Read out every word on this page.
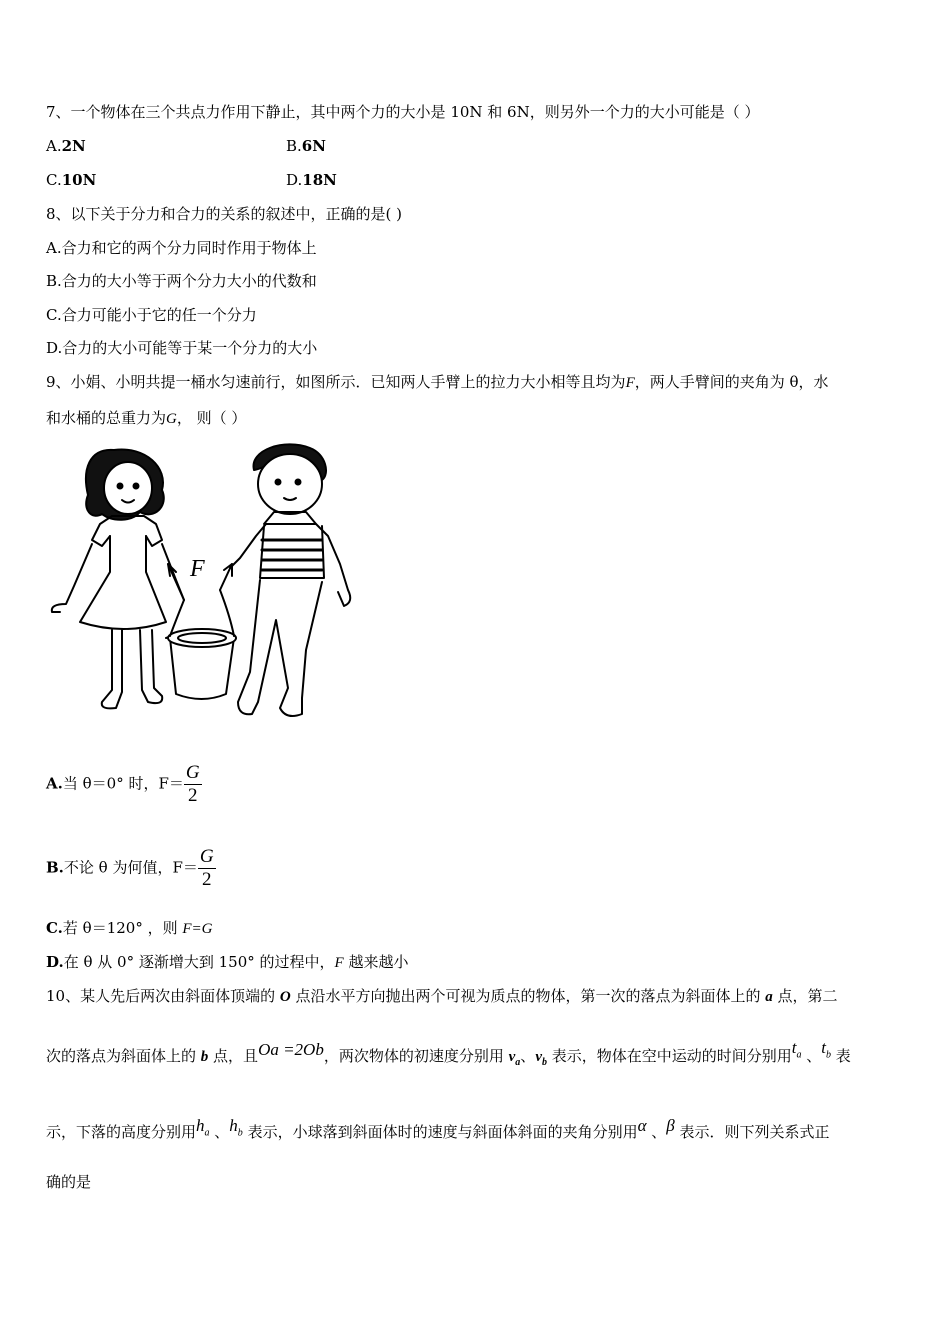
7、一个物体在三个共点力作用下静止，其中两个力的大小是 10N 和 6N，则另外一个力的大小可能是（ ）
A.2N	B.6N
C.10N	D.18N
8、以下关于分力和合力的关系的叙述中，正确的是( )
A.合力和它的两个分力同时作用于物体上
B.合力的大小等于两个分力大小的代数和
C.合力可能小于它的任一个分力
D.合力的大小可能等于某一个分力的大小
9、小娟、小明共提一桶水匀速前行，如图所示．已知两人手臂上的拉力大小相等且均为F，两人手臂间的夹角为 θ，水
和水桶的总重力为G， 则（ ）
F
A.当 θ＝0° 时，$F= \frac{G}{2}$
B.不论 θ 为何值，$F= \frac{G}{2}$
C.若 θ＝120° ，则 F=G
D.在 θ 从 0° 逐渐增大到 150° 的过程中，F 越来越小
10、某人先后两次由斜面体顶端的 O 点沿水平方向抛出两个可视为质点的物体，第一次的落点为斜面体上的 a 点，第二
次的落点为斜面体上的 b 点，且Oa =2Ob，两次物体的初速度分别用 $v_a$、$v_b$ 表示，物体在空中运动的时间分别用$t_a$ 、$t_b$ 表
示，下落的高度分别用$h_a$ 、$h_b$ 表示，小球落到斜面体时的速度与斜面体斜面的夹角分别用α 、β 表示．则下列关系式正
确的是
